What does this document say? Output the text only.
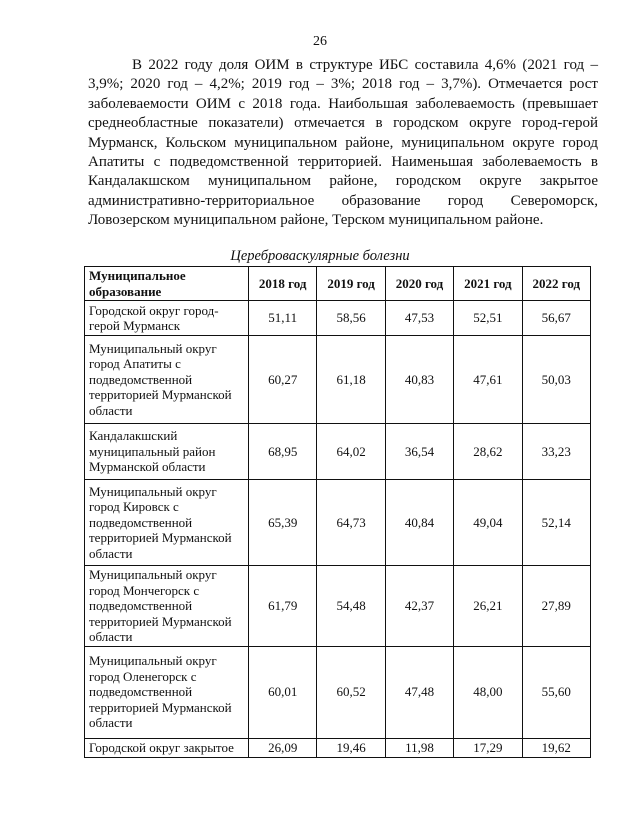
26

В 2022 году доля ОИМ в структуре ИБС составила 4,6% (2021 год – 3,9%; 2020 год – 4,2%; 2019 год – 3%; 2018 год – 3,7%). Отмечается рост заболеваемости ОИМ с 2018 года. Наибольшая заболеваемость (превышает среднеобластные показатели) отмечается в городском округе город-герой Мурманск, Кольском муниципальном районе, муниципальном округе город Апатиты с подведомственной территорией. Наименьшая заболеваемость в Кандалакшском муниципальном районе, городском округе закрытое административно-территориальное образование город Североморск, Ловозерском муниципальном районе, Терском муниципальном районе.

Цереброваскулярные болезни
Муниципальное образование	2018 год	2019 год	2020 год	2021 год	2022 год
Городской округ город-герой Мурманск	51,11	58,56	47,53	52,51	56,67
Муниципальный округ город Апатиты с подведомственной территорией Мурманской области	60,27	61,18	40,83	47,61	50,03
Кандалакшский муниципальный район Мурманской области	68,95	64,02	36,54	28,62	33,23
Муниципальный округ город Кировск с подведомственной территорией Мурманской области	65,39	64,73	40,84	49,04	52,14
Муниципальный округ город Мончегорск с подведомственной территорией Мурманской области	61,79	54,48	42,37	26,21	27,89
Муниципальный округ город Оленегорск с подведомственной территорией Мурманской области	60,01	60,52	47,48	48,00	55,60
Городской округ закрытое	26,09	19,46	11,98	17,29	19,62
